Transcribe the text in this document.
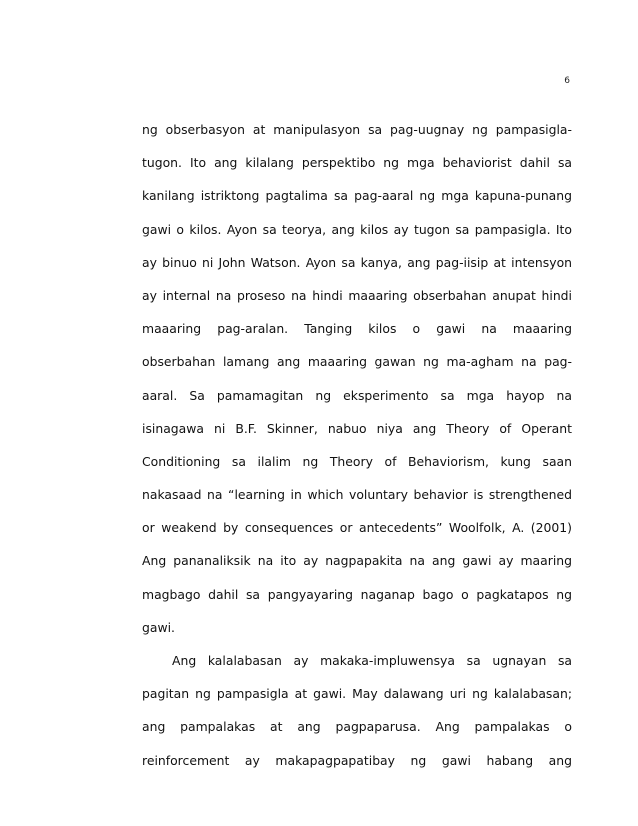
6
ng obserbasyon at manipulasyon sa pag-uugnay ng pampasigla-
tugon. Ito ang kilalang perspektibo ng mga behaviorist dahil sa
kanilang istriktong pagtalima sa pag-aaral ng mga kapuna-punang
gawi o kilos. Ayon sa teorya, ang kilos ay tugon sa pampasigla. Ito
ay binuo ni John Watson. Ayon sa kanya, ang pag-iisip at intensyon
ay internal na proseso na hindi maaaring obserbahan anupat hindi
maaaring pag-aralan. Tanging kilos o gawi na maaaring
obserbahan lamang ang maaaring gawan ng ma-agham na pag-
aaral. Sa pamamagitan ng eksperimento sa mga hayop na
isinagawa ni B.F. Skinner, nabuo niya ang Theory of Operant
Conditioning sa ilalim ng Theory of Behaviorism, kung saan
nakasaad na “learning in which voluntary behavior is strengthened
or weakend by consequences or antecedents” Woolfolk, A. (2001)
Ang pananaliksik na ito ay nagpapakita na ang gawi ay maaring
magbago dahil sa pangyayaring naganap bago o pagkatapos ng
gawi.
Ang kalalabasan ay makaka-impluwensya sa ugnayan sa
pagitan ng pampasigla at gawi. May dalawang uri ng kalalabasan;
ang pampalakas at ang pagpaparusa. Ang pampalakas o
reinforcement ay makapagpapatibay ng gawi habang ang
